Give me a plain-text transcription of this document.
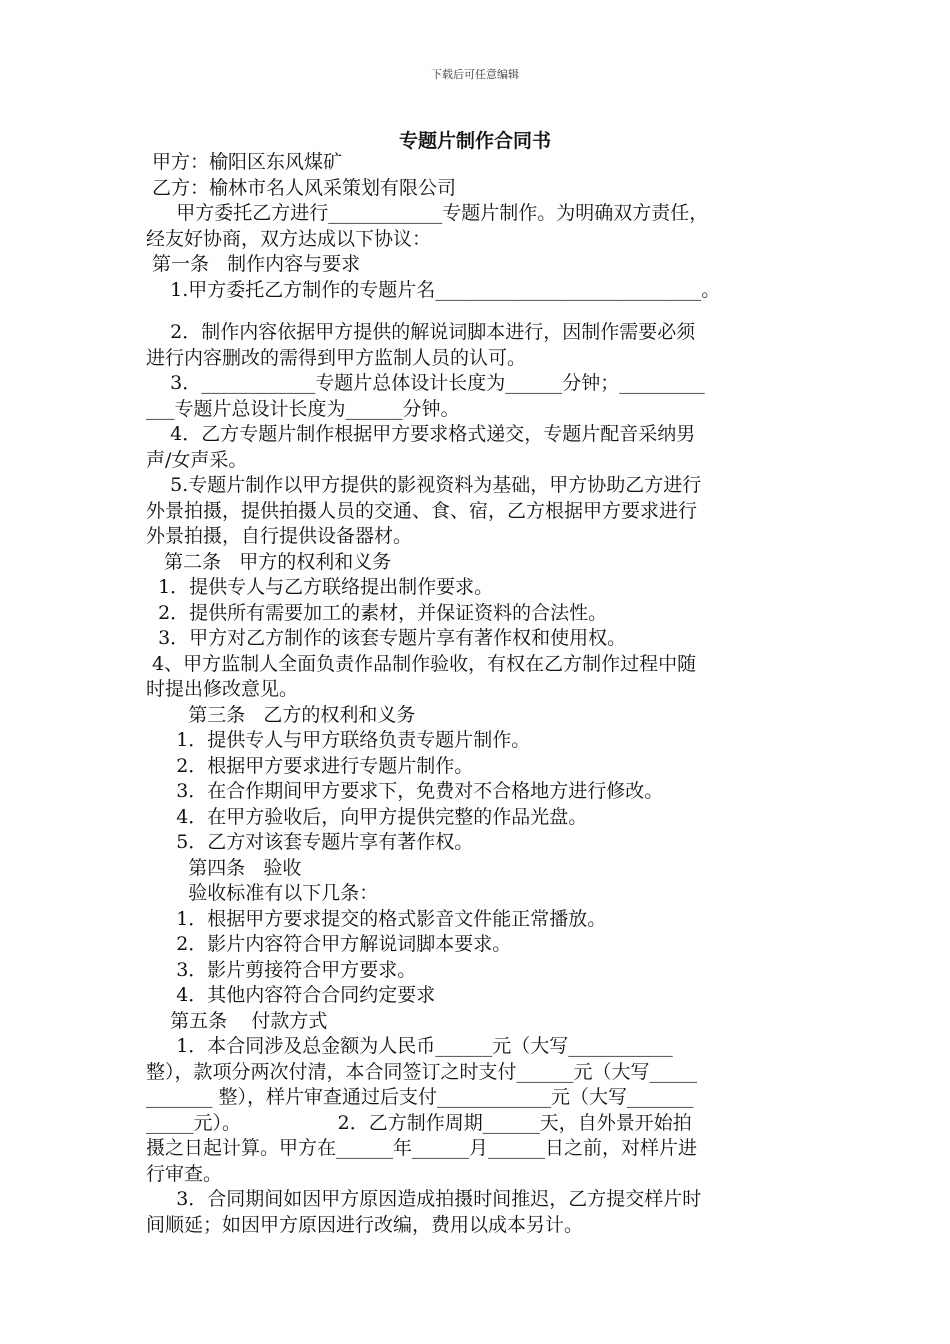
下载后可任意编辑
专题片制作合同书
甲方：榆阳区东风煤矿
乙方：榆林市名人风采策划有限公司
甲方委托乙方进行____________专题片制作。为明确双方责任，
经友好协商，双方达成以下协议：
第一条   制作内容与要求
1.甲方委托乙方制作的专题片名____________________________。
2．制作内容依据甲方提供的解说词脚本进行，因制作需要必须
进行内容删改的需得到甲方监制人员的认可。
3．____________专题片总体设计长度为______分钟；_________
___专题片总设计长度为______分钟。
4．乙方专题片制作根据甲方要求格式递交，专题片配音采纳男
声/女声采。
5.专题片制作以甲方提供的影视资料为基础，甲方协助乙方进行
外景拍摄，提供拍摄人员的交通、食、宿，乙方根据甲方要求进行
外景拍摄，自行提供设备器材。
第二条   甲方的权利和义务
1．提供专人与乙方联络提出制作要求。
2．提供所有需要加工的素材，并保证资料的合法性。
3．甲方对乙方制作的该套专题片享有著作权和使用权。
4、甲方监制人全面负责作品制作验收，有权在乙方制作过程中随
时提出修改意见。
第三条   乙方的权利和义务
1．提供专人与甲方联络负责专题片制作。
2．根据甲方要求进行专题片制作。
3．在合作期间甲方要求下，免费对不合格地方进行修改。
4．在甲方验收后，向甲方提供完整的作品光盘。
5．乙方对该套专题片享有著作权。
第四条   验收
验收标准有以下几条：
1．根据甲方要求提交的格式影音文件能正常播放。
2．影片内容符合甲方解说词脚本要求。
3．影片剪接符合甲方要求。
4．其他内容符合合同约定要求
第五条    付款方式
1．本合同涉及总金额为人民币______元（大写___________
整），款项分两次付清，本合同签订之时支付______元（大写_____
_______ 整），样片审查通过后支付____________元（大写_______
_____元）。                2．乙方制作周期______天，自外景开始拍
摄之日起计算。甲方在______年______月______日之前，对样片进
行审查。
3．合同期间如因甲方原因造成拍摄时间推迟，乙方提交样片时
间顺延；如因甲方原因进行改编，费用以成本另计。
